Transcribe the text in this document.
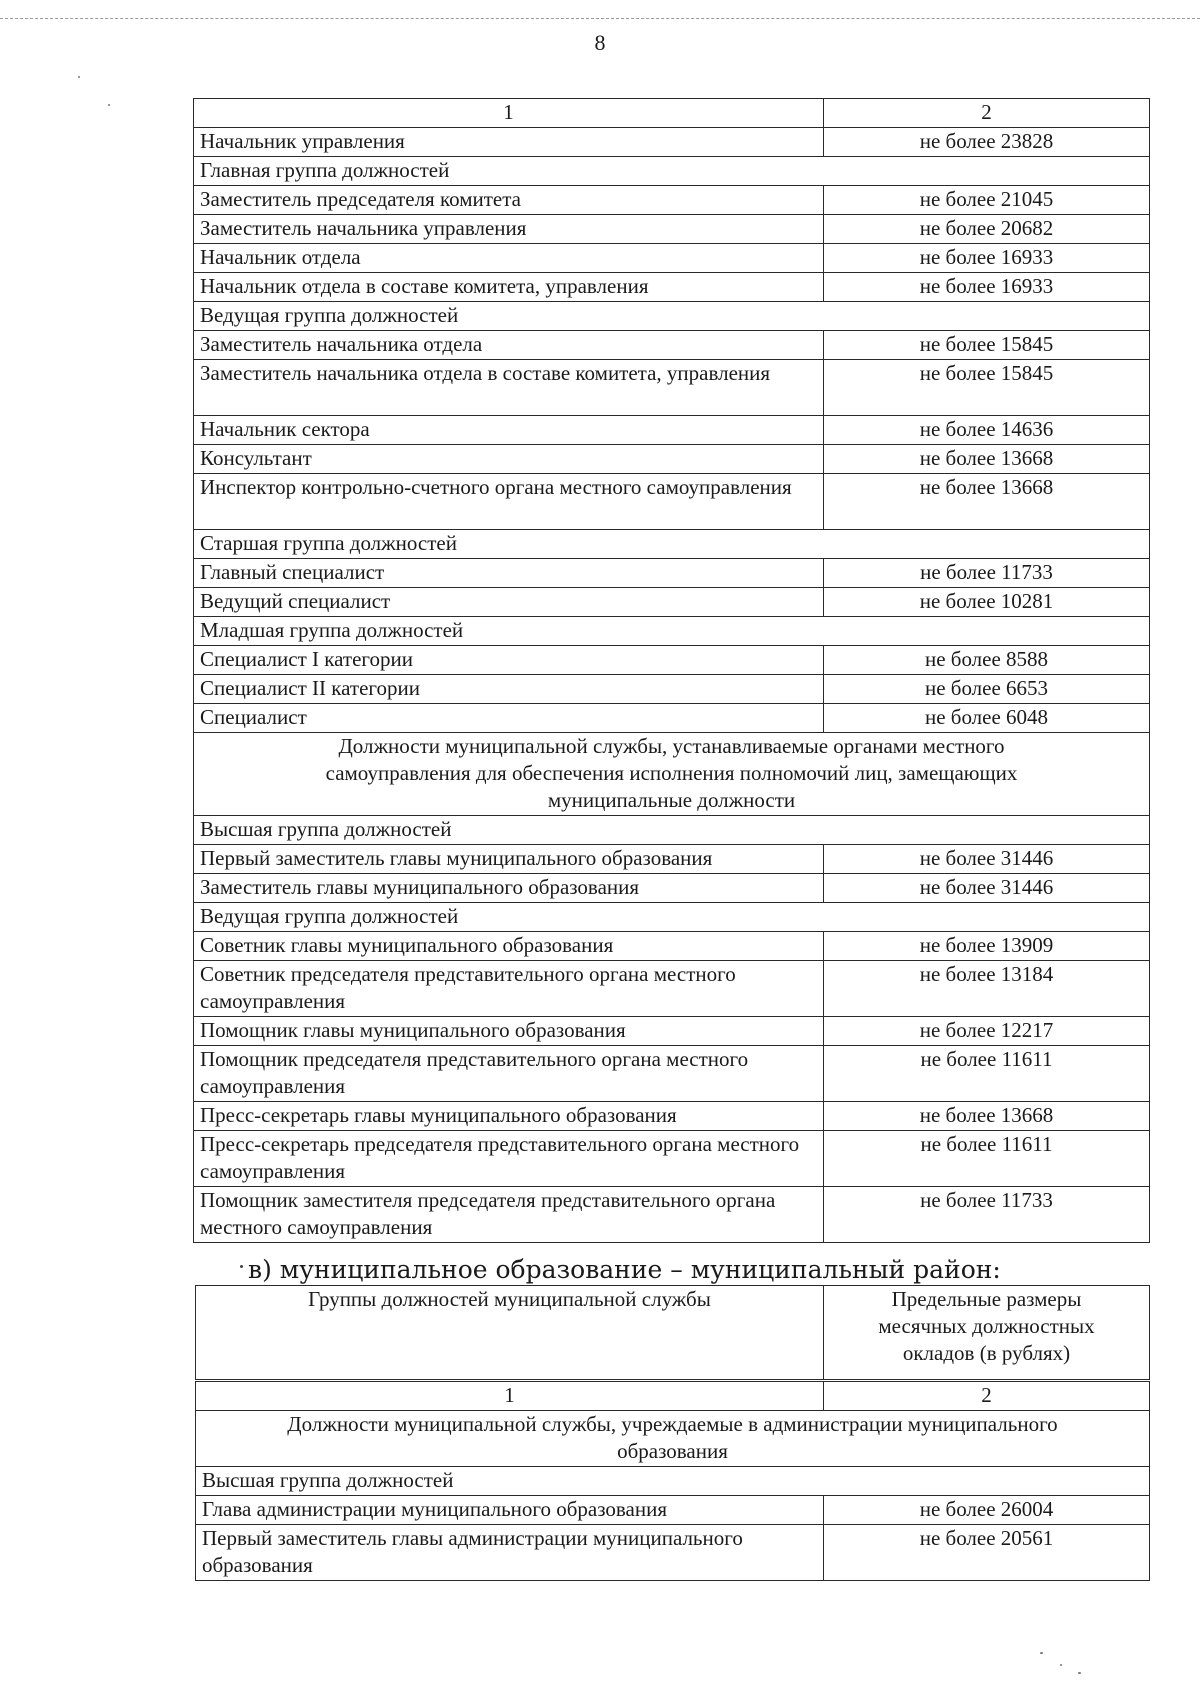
8
1	2
Начальник управления	не более 23828
Главная группа должностей	
Заместитель председателя комитета	не более 21045
Заместитель начальника управления	не более 20682
Начальник отдела	не более 16933
Начальник отдела в составе комитета, управления	не более 16933
Ведущая группа должностей	
Заместитель начальника отдела	не более 15845
Заместитель начальника отдела в составе комитета, управления	не более 15845
Начальник сектора	не более 14636
Консультант	не более 13668
Инспектор контрольно-счетного органа местного самоуправления	не более 13668
Старшая группа должностей	
Главный специалист	не более 11733
Ведущий специалист	не более 10281
Младшая группа должностей	
Специалист I категории	не более 8588
Специалист II категории	не более 6653
Специалист	не более 6048
Должности муниципальной службы, устанавливаемые органами местного самоуправления для обеспечения исполнения полномочий лиц, замещающих муниципальные должности	
Высшая группа должностей	
Первый заместитель главы муниципального образования	не более 31446
Заместитель главы муниципального образования	не более 31446
Ведущая группа должностей	
Советник главы муниципального образования	не более 13909
Советник председателя представительного органа местного самоуправления	не более 13184
Помощник главы муниципального образования	не более 12217
Помощник председателя представительного органа местного самоуправления	не более 11611
Пресс-секретарь главы муниципального образования	не более 13668
Пресс-секретарь председателя представительного органа местного самоуправления	не более 11611
Помощник заместителя председателя представительного органа местного самоуправления	не более 11733
в) муниципальное образование – муниципальный район:
Группы должностей муниципальной службы	Предельные размеры месячных должностных окладов (в рублях)
1	2
Должности муниципальной службы, учреждаемые в администрации муниципального образования	
Высшая группа должностей	
Глава администрации муниципального образования	не более 26004
Первый заместитель главы администрации муниципального образования	не более 20561
